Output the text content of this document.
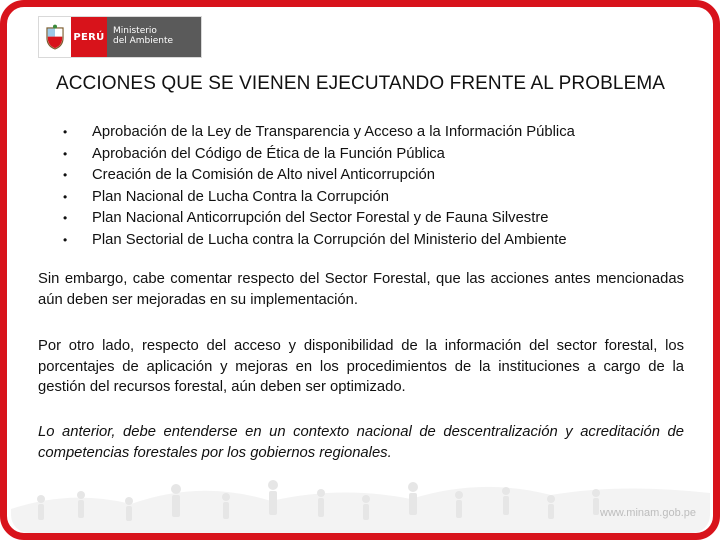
PERÚ
Ministerio
del Ambiente
ACCIONES QUE SE VIENEN EJECUTANDO FRENTE AL PROBLEMA
• Aprobación de la Ley de Transparencia y Acceso a la Información Pública
• Aprobación del Código de Ética de la Función Pública
• Creación de la Comisión de Alto nivel Anticorrupción
• Plan Nacional de Lucha Contra la Corrupción
• Plan Nacional Anticorrupción del Sector Forestal y de Fauna Silvestre
• Plan Sectorial de Lucha contra la Corrupción del Ministerio del Ambiente

Sin embargo, cabe comentar respecto del Sector Forestal, que las acciones antes mencionadas aún deben ser mejoradas en su implementación.

Por otro lado, respecto del acceso y disponibilidad de la información del sector forestal, los porcentajes de aplicación y mejoras en los procedimientos de la instituciones a cargo de la gestión del recursos forestal, aún deben ser optimizado.

Lo anterior, debe entenderse en un contexto nacional de descentralización y acreditación de competencias forestales por los gobiernos regionales.

www.minam.gob.pe
